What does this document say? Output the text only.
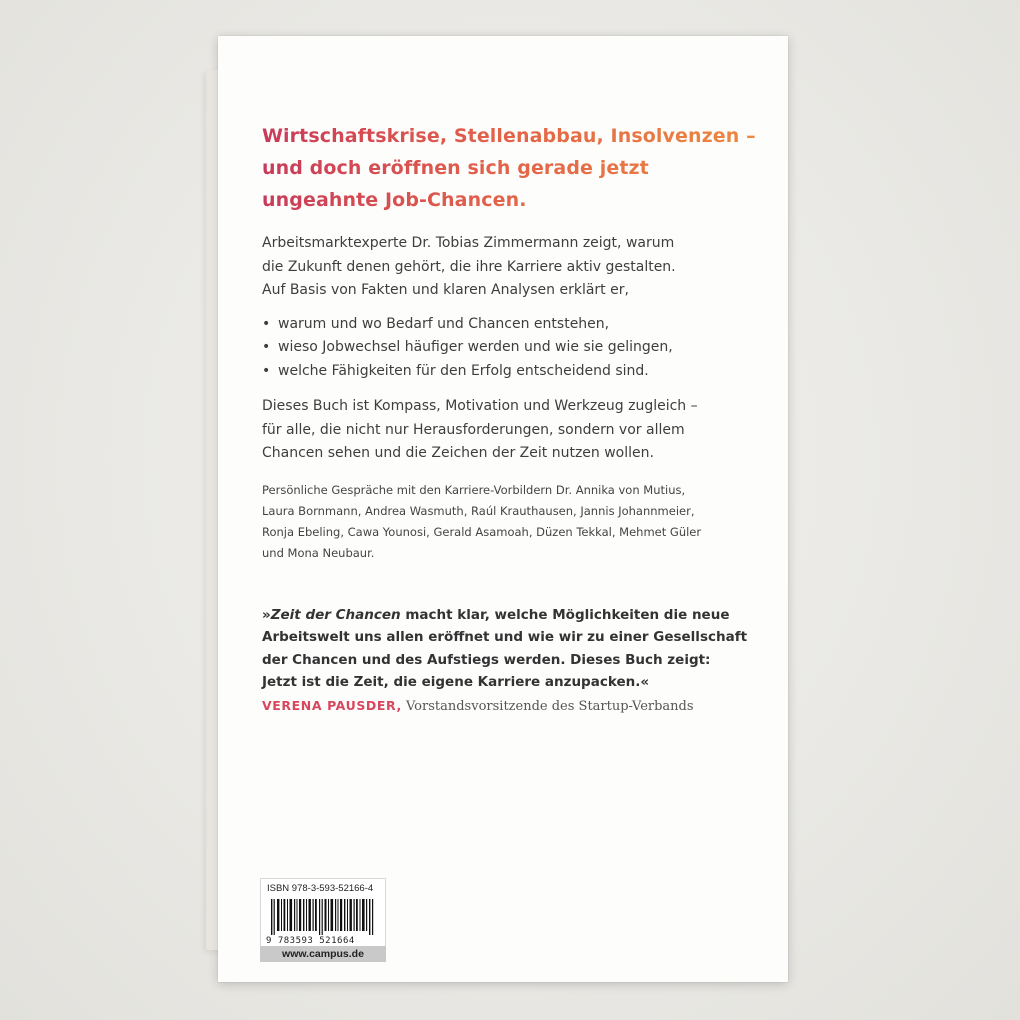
Wirtschaftskrise, Stellenabbau, Insolvenzen –
und doch eröffnen sich gerade jetzt
ungeahnte Job-Chancen.
Arbeitsmarktexperte Dr. Tobias Zimmermann zeigt, warum
die Zukunft denen gehört, die ihre Karriere aktiv gestalten.
Auf Basis von Fakten und klaren Analysen erklärt er,
• warum und wo Bedarf und Chancen entstehen,
• wieso Jobwechsel häufiger werden und wie sie gelingen,
• welche Fähigkeiten für den Erfolg entscheidend sind.
Dieses Buch ist Kompass, Motivation und Werkzeug zugleich –
für alle, die nicht nur Herausforderungen, sondern vor allem
Chancen sehen und die Zeichen der Zeit nutzen wollen.
Persönliche Gespräche mit den Karriere-Vorbildern Dr. Annika von Mutius,
Laura Bornmann, Andrea Wasmuth, Raúl Krauthausen, Jannis Johannmeier,
Ronja Ebeling, Cawa Younosi, Gerald Asamoah, Düzen Tekkal, Mehmet Güler
und Mona Neubaur.
»Zeit der Chancen macht klar, welche Möglichkeiten die neue
Arbeitswelt uns allen eröffnet und wie wir zu einer Gesellschaft
der Chancen und des Aufstiegs werden. Dieses Buch zeigt:
Jetzt ist die Zeit, die eigene Karriere anzupacken.«
VERENA PAUSDER, Vorstandsvorsitzende des Startup-Verbands
ISBN 978-3-593-52166-4
9 783593 521664
www.campus.de
